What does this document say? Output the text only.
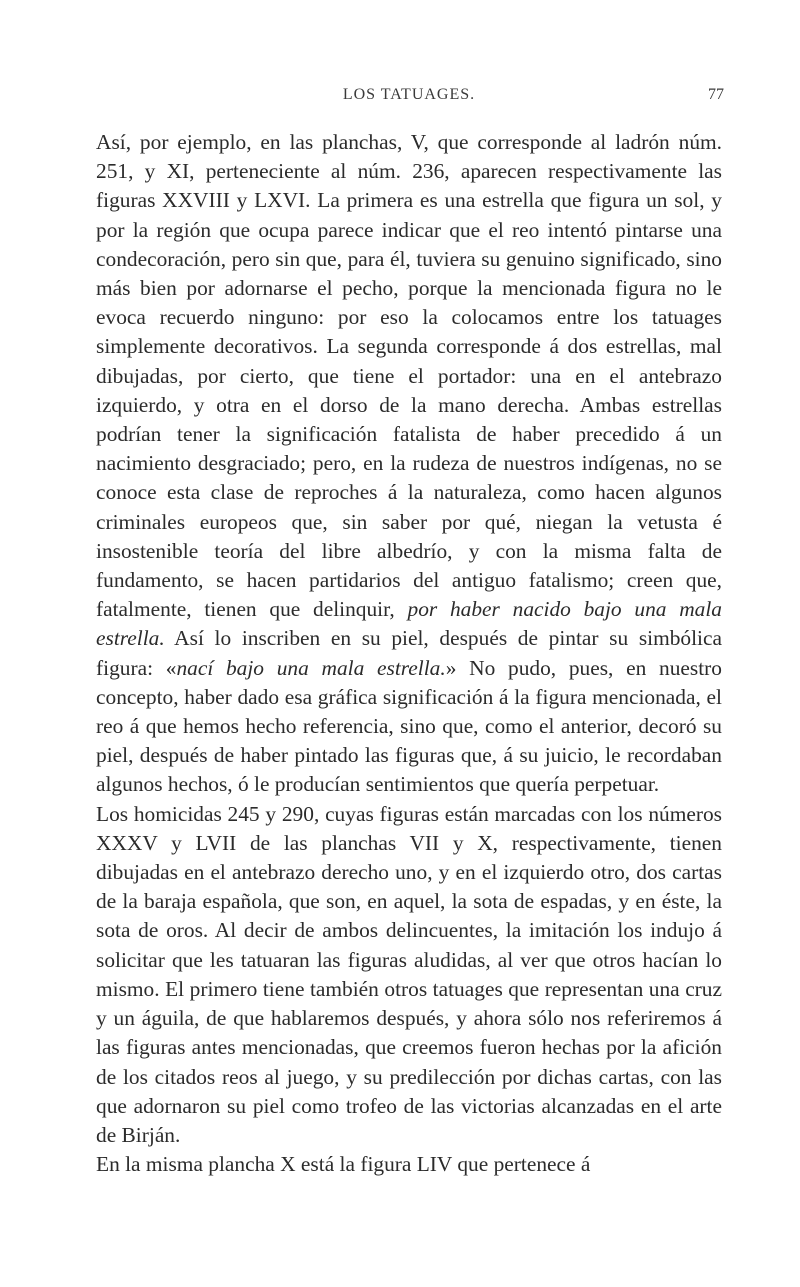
LOS TATUAGES.	77

Así, por ejemplo, en las planchas, V, que corresponde al ladrón núm. 251, y XI, perteneciente al núm. 236, aparecen respectivamente las figuras XXVIII y LXVI. La primera es una estrella que figura un sol, y por la región que ocupa parece indicar que el reo intentó pintarse una condecoración, pero sin que, para él, tuviera su genuino significado, sino más bien por adornarse el pecho, porque la mencionada figura no le evoca recuerdo ninguno: por eso la colocamos entre los tatuages simplemente decorativos. La segunda corresponde á dos estrellas, mal dibujadas, por cierto, que tiene el portador: una en el antebrazo izquierdo, y otra en el dorso de la mano derecha. Ambas estrellas podrían tener la significación fatalista de haber precedido á un nacimiento desgraciado; pero, en la rudeza de nuestros indígenas, no se conoce esta clase de reproches á la naturaleza, como hacen algunos criminales europeos que, sin saber por qué, niegan la vetusta é insostenible teoría del libre albedrío, y con la misma falta de fundamento, se hacen partidarios del antiguo fatalismo; creen que, fatalmente, tienen que delinquir, por haber nacido bajo una mala estrella. Así lo inscriben en su piel, después de pintar su simbólica figura: «nací bajo una mala estrella.» No pudo, pues, en nuestro concepto, haber dado esa gráfica significación á la figura mencionada, el reo á que hemos hecho referencia, sino que, como el anterior, decoró su piel, después de haber pintado las figuras que, á su juicio, le recordaban algunos hechos, ó le producían sentimientos que quería perpetuar.

Los homicidas 245 y 290, cuyas figuras están marcadas con los números XXXV y LVII de las planchas VII y X, respectivamente, tienen dibujadas en el antebrazo derecho uno, y en el izquierdo otro, dos cartas de la baraja española, que son, en aquel, la sota de espadas, y en éste, la sota de oros. Al decir de ambos delincuentes, la imitación los indujo á solicitar que les tatuaran las figuras aludidas, al ver que otros hacían lo mismo. El primero tiene también otros tatuages que representan una cruz y un águila, de que hablaremos después, y ahora sólo nos referiremos á las figuras antes mencionadas, que creemos fueron hechas por la afición de los citados reos al juego, y su predilección por dichas cartas, con las que adornaron su piel como trofeo de las victorias alcanzadas en el arte de Birján.

En la misma plancha X está la figura LIV que pertenece á
